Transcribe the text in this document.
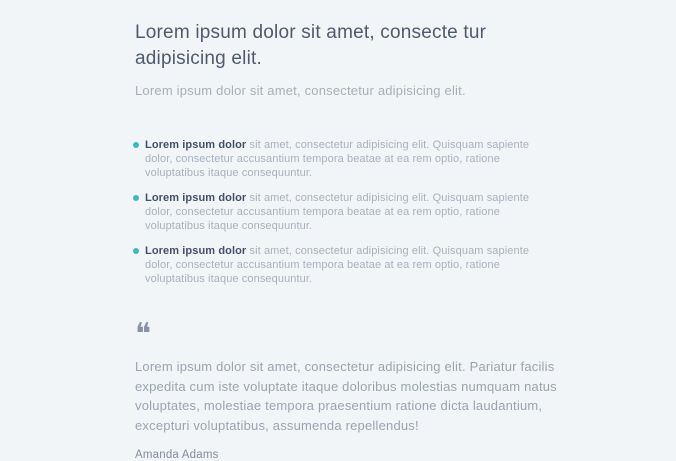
Lorem ipsum dolor sit amet, consecte tur adipisicing elit.

Lorem ipsum dolor sit amet, consectetur adipisicing elit.

Lorem ipsum dolor sit amet, consectetur adipisicing elit. Quisquam sapiente dolor, consectetur accusantium tempora beatae at ea rem optio, ratione voluptatibus itaque consequuntur.
Lorem ipsum dolor sit amet, consectetur adipisicing elit. Quisquam sapiente dolor, consectetur accusantium tempora beatae at ea rem optio, ratione voluptatibus itaque consequuntur.
Lorem ipsum dolor sit amet, consectetur adipisicing elit. Quisquam sapiente dolor, consectetur accusantium tempora beatae at ea rem optio, ratione voluptatibus itaque consequuntur.
❝
Lorem ipsum dolor sit amet, consectetur adipisicing elit. Pariatur facilis expedita cum iste voluptate itaque doloribus molestias numquam natus voluptates, molestiae tempora praesentium ratione dicta laudantium, excepturi voluptatibus, assumenda repellendus!
Amanda Adams
